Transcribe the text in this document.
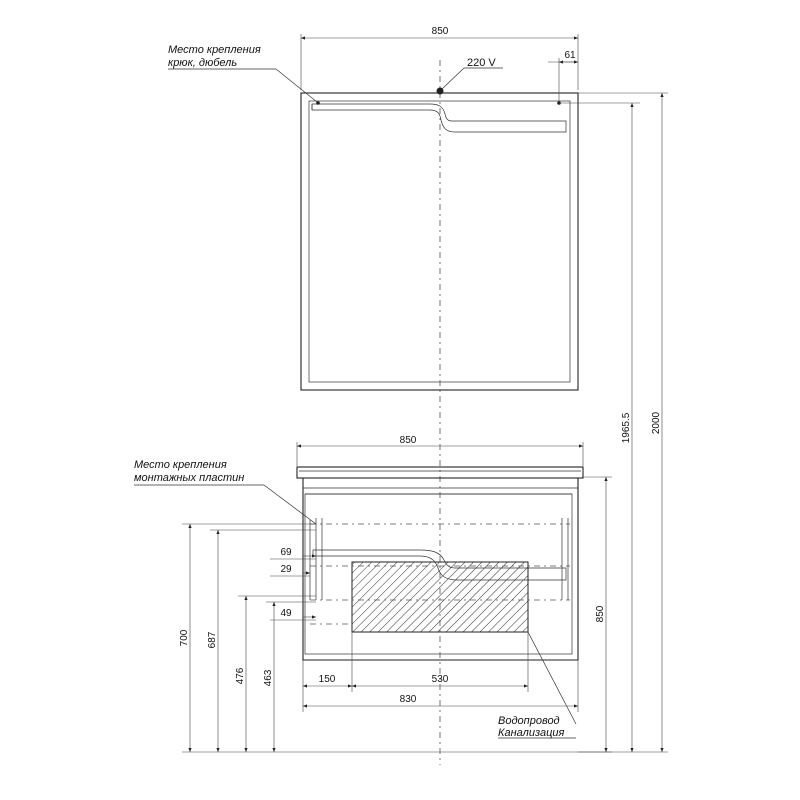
850
61
220 V
Место крепления
крюк, дюбель
1965.5 2000
850
Место крепления
монтажных пластин
850
700 687
476 463
69
29
49
150	530
830
Водопровод
Канализация
